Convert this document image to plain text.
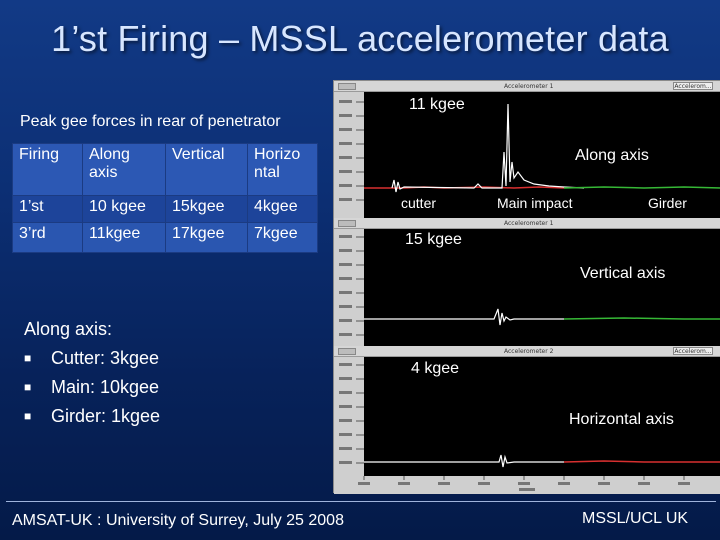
1’st Firing – MSSL accelerometer data
Peak gee forces in rear of penetrator
Firing	Along axis	Vertical	Horizo ntal
1’st	10 kgee	15kgee	4kgee
3’rd	11kgee	17kgee	7kgee
Along axis:
■	Cutter: 3kgee
■	Main: 10kgee
■	Girder: 1kgee
Accelerometer 1	Accelerom...
Accelerometer 1
Accelerometer 2	Accelerom...
11 kgee
Along axis
cutter	Main impact	Girder
15 kgee
Vertical axis
4 kgee
Horizontal axis
AMSAT-UK : University of Surrey, July 25 2008	MSSL/UCL UK
